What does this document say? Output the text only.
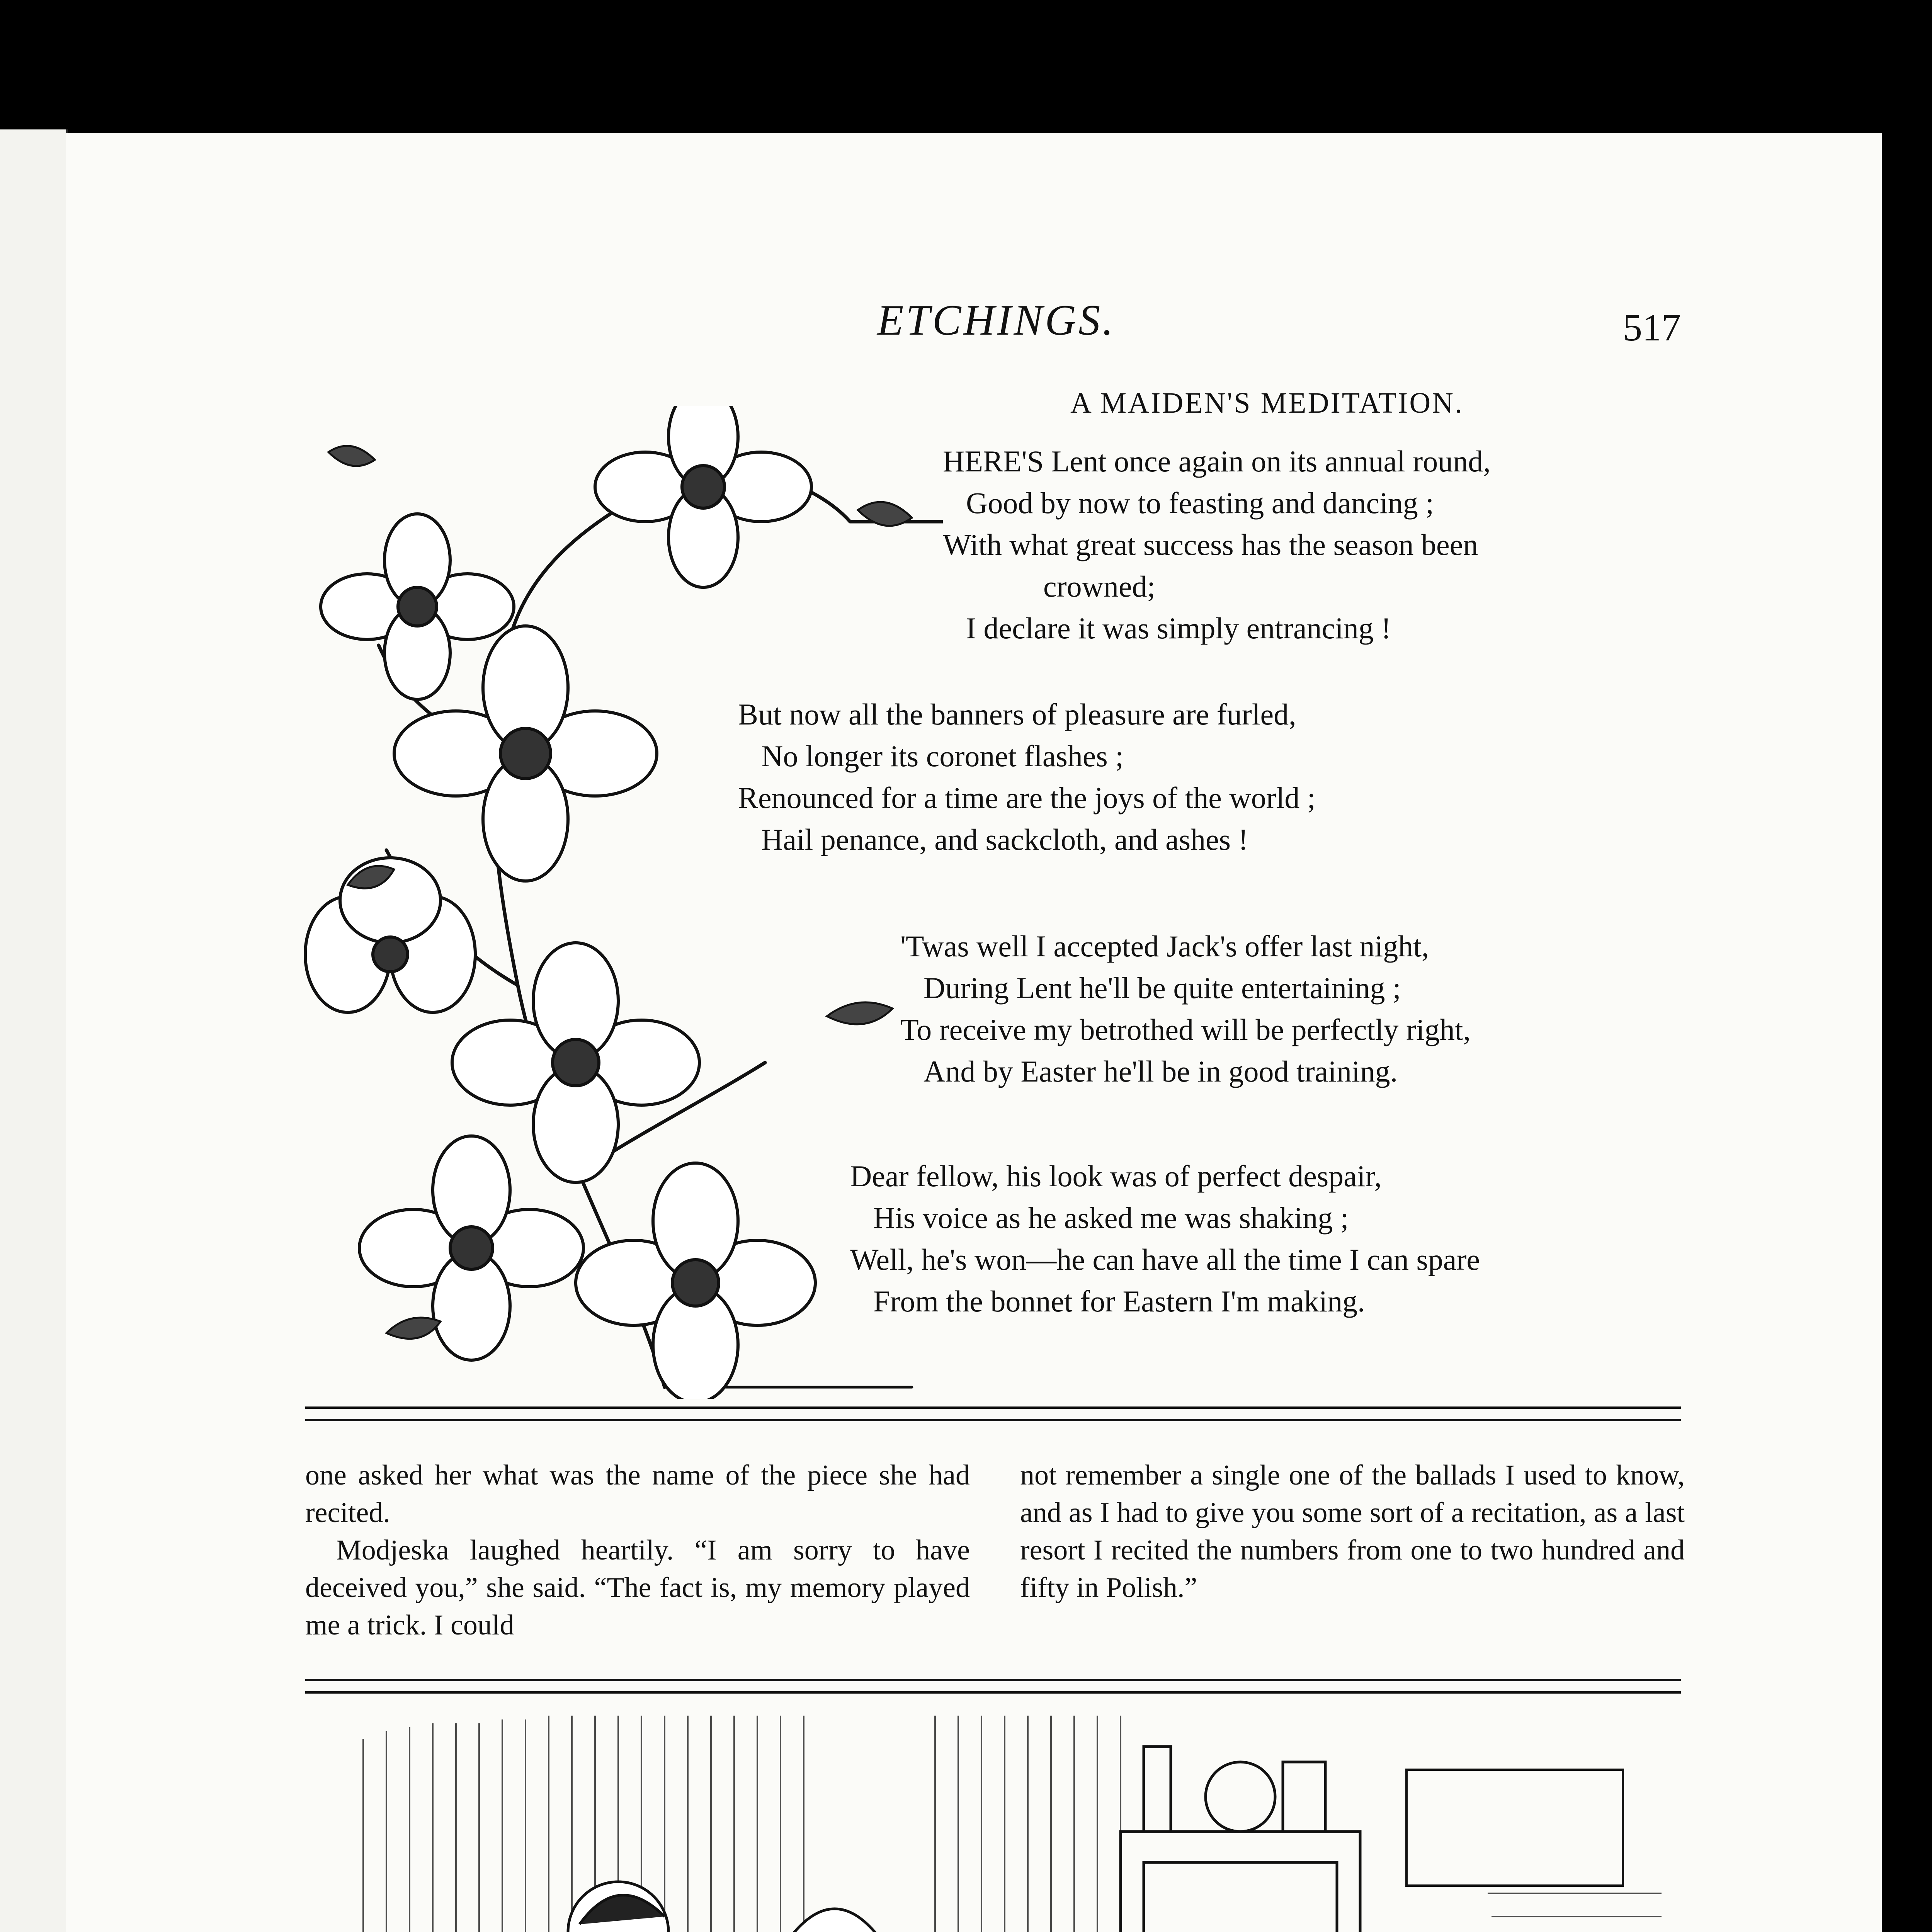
ETCHINGS.	517
A MAIDEN'S MEDITATION.
HERE'S Lent once again on its annual round,
Good by now to feasting and dancing ;
With what great success has the season been
crowned;
I declare it was simply entrancing !
But now all the banners of pleasure are furled,
No longer its coronet flashes ;
Renounced for a time are the joys of the world ;
Hail penance, and sackcloth, and ashes !
'Twas well I accepted Jack's offer last night,
During Lent he'll be quite entertaining ;
To receive my betrothed will be perfectly right,
And by Easter he'll be in good training.
Dear fellow, his look was of perfect despair,
His voice as he asked me was shaking ;
Well, he's won—he can have all the time I can spare
From the bonnet for Eastern I'm making.

one asked her what was the name of the piece she had recited.

Modjeska laughed heartily. “I am sorry to have deceived you,” she said. “The fact is, my memory played me a trick. I could

not remember a single one of the ballads I used to know, and as I had to give you some sort of a recitation, as a last resort I recited the numbers from one to two hundred and fifty in Polish.”
